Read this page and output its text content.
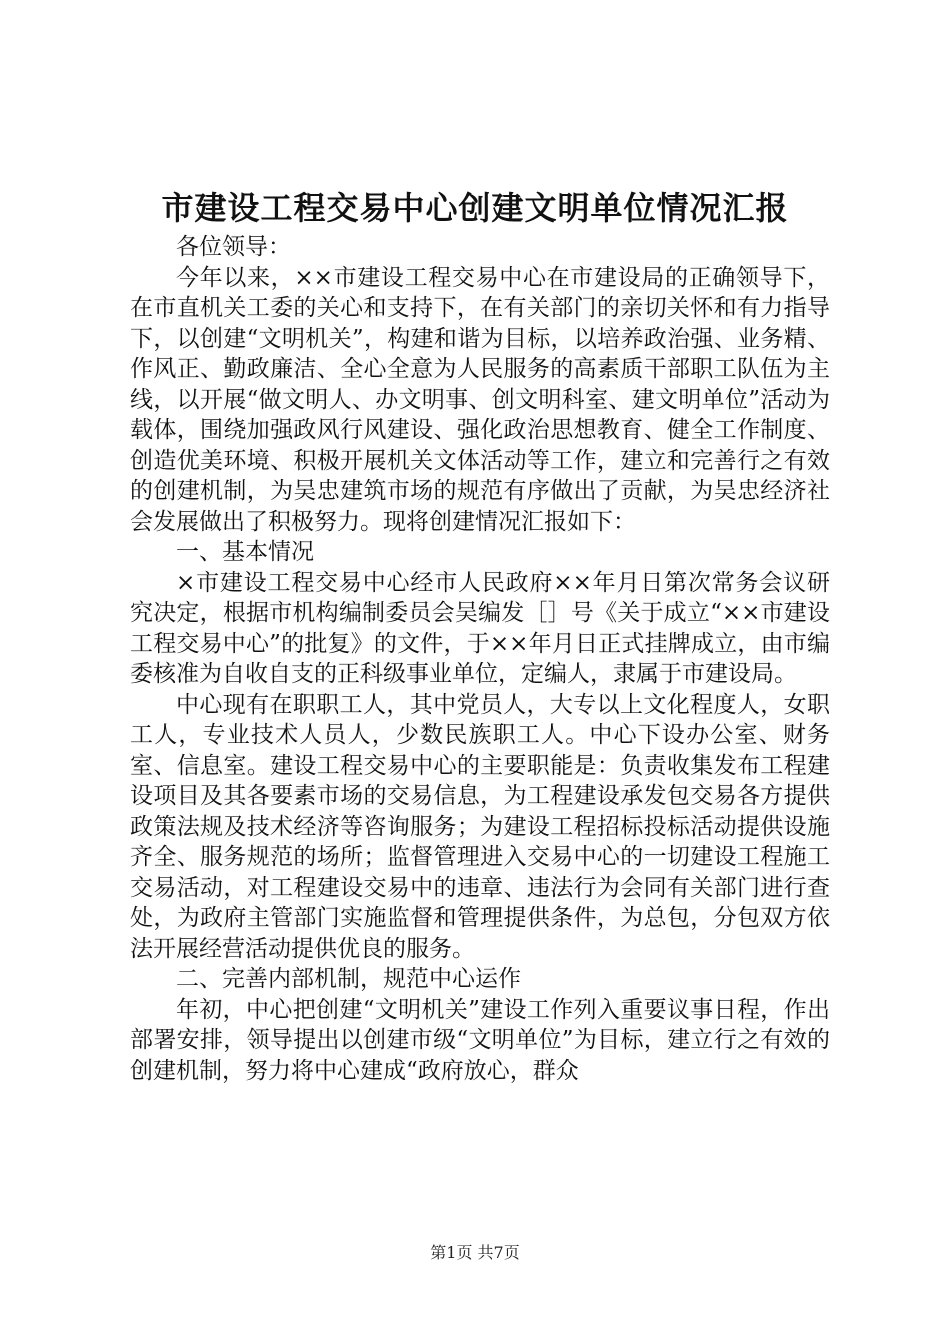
市建设工程交易中心创建文明单位情况汇报

各位领导：

今年以来，××市建设工程交易中心在市建设局的正确领导下，在市直机关工委的关心和支持下，在有关部门的亲切关怀和有力指导下，以创建“文明机关”，构建和谐为目标，以培养政治强、业务精、作风正、勤政廉洁、全心全意为人民服务的高素质干部职工队伍为主线，以开展“做文明人、办文明事、创文明科室、建文明单位”活动为载体，围绕加强政风行风建设、强化政治思想教育、健全工作制度、创造优美环境、积极开展机关文体活动等工作，建立和完善行之有效的创建机制，为吴忠建筑市场的规范有序做出了贡献，为吴忠经济社会发展做出了积极努力。现将创建情况汇报如下：

一、基本情况

×市建设工程交易中心经市人民政府××年月日第次常务会议研究决定，根据市机构编制委员会吴编发［］号《关于成立“××市建设工程交易中心”的批复》的文件，于××年月日正式挂牌成立，由市编委核准为自收自支的正科级事业单位，定编人，隶属于市建设局。

中心现有在职职工人，其中党员人，大专以上文化程度人，女职工人，专业技术人员人，少数民族职工人。中心下设办公室、财务室、信息室。建设工程交易中心的主要职能是：负责收集发布工程建设项目及其各要素市场的交易信息，为工程建设承发包交易各方提供政策法规及技术经济等咨询服务；为建设工程招标投标活动提供设施齐全、服务规范的场所；监督管理进入交易中心的一切建设工程施工交易活动，对工程建设交易中的违章、违法行为会同有关部门进行查处，为政府主管部门实施监督和管理提供条件，为总包，分包双方依法开展经营活动提供优良的服务。

二、完善内部机制，规范中心运作

年初，中心把创建“文明机关”建设工作列入重要议事日程，作出部署安排，领导提出以创建市级“文明单位”为目标，建立行之有效的创建机制，努力将中心建成“政府放心，群众

第1页 共7页
